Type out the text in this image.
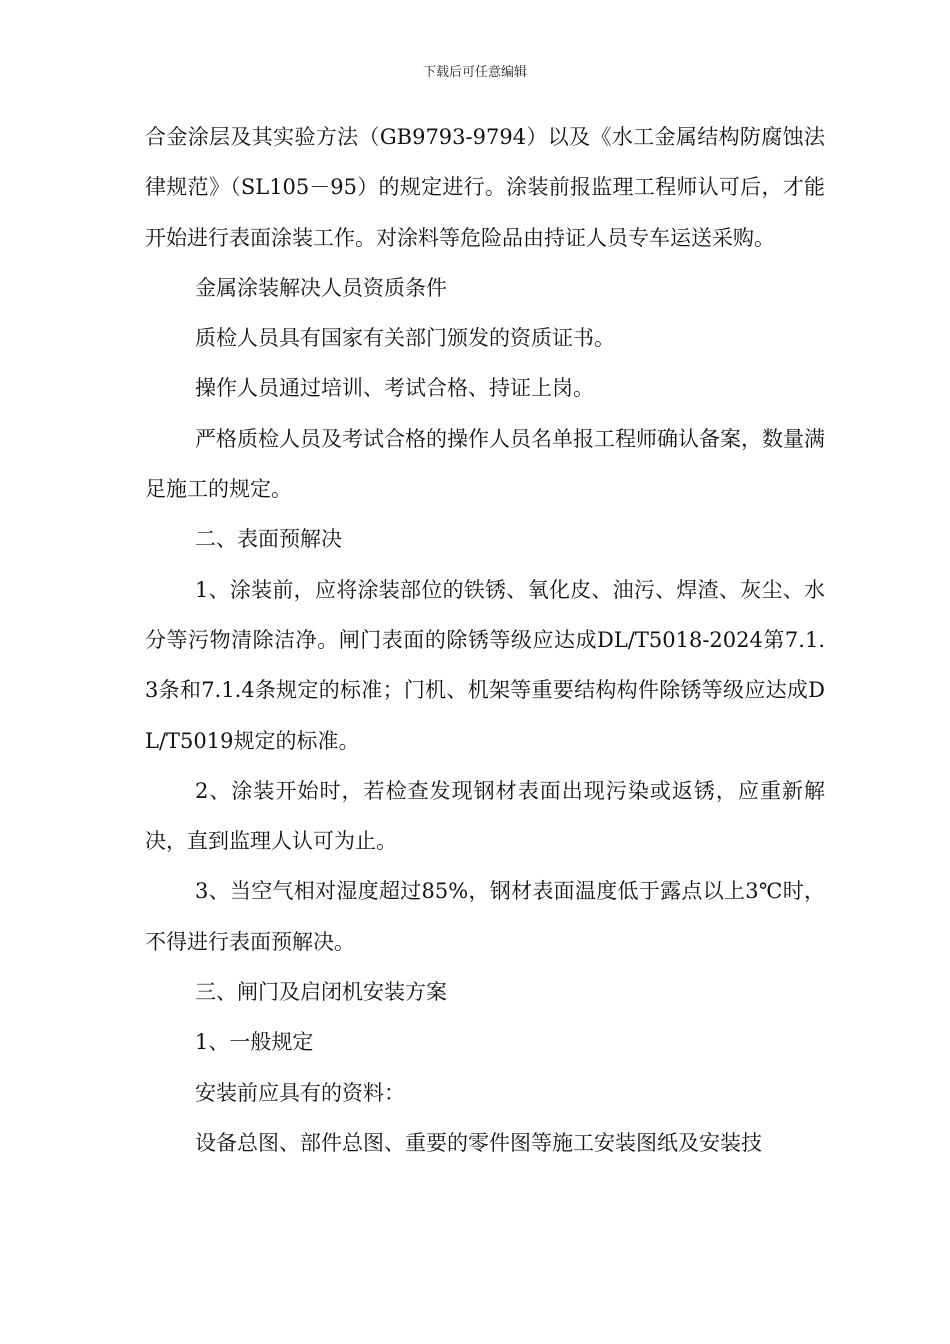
下载后可任意编辑

合金涂层及其实验方法（GB9793-9794）以及《水工金属结构防腐蚀法律规范》（SL105－95）的规定进行。涂装前报监理工程师认可后，才能开始进行表面涂装工作。对涂料等危险品由持证人员专车运送采购。

金属涂装解决人员资质条件

质检人员具有国家有关部门颁发的资质证书。

操作人员通过培训、考试合格、持证上岗。

严格质检人员及考试合格的操作人员名单报工程师确认备案，数量满足施工的规定。

二、表面预解决

1、涂装前，应将涂装部位的铁锈、氧化皮、油污、焊渣、灰尘、水分等污物清除洁净。闸门表面的除锈等级应达成DL/T5018-2024第7.1.3条和7.1.4条规定的标准；门机、机架等重要结构构件除锈等级应达成DL/T5019规定的标准。

2、涂装开始时，若检查发现钢材表面出现污染或返锈，应重新解决，直到监理人认可为止。

3、当空气相对湿度超过85%，钢材表面温度低于露点以上3℃时，不得进行表面预解决。

三、闸门及启闭机安装方案

1、一般规定

安装前应具有的资料：

设备总图、部件总图、重要的零件图等施工安装图纸及安装技
